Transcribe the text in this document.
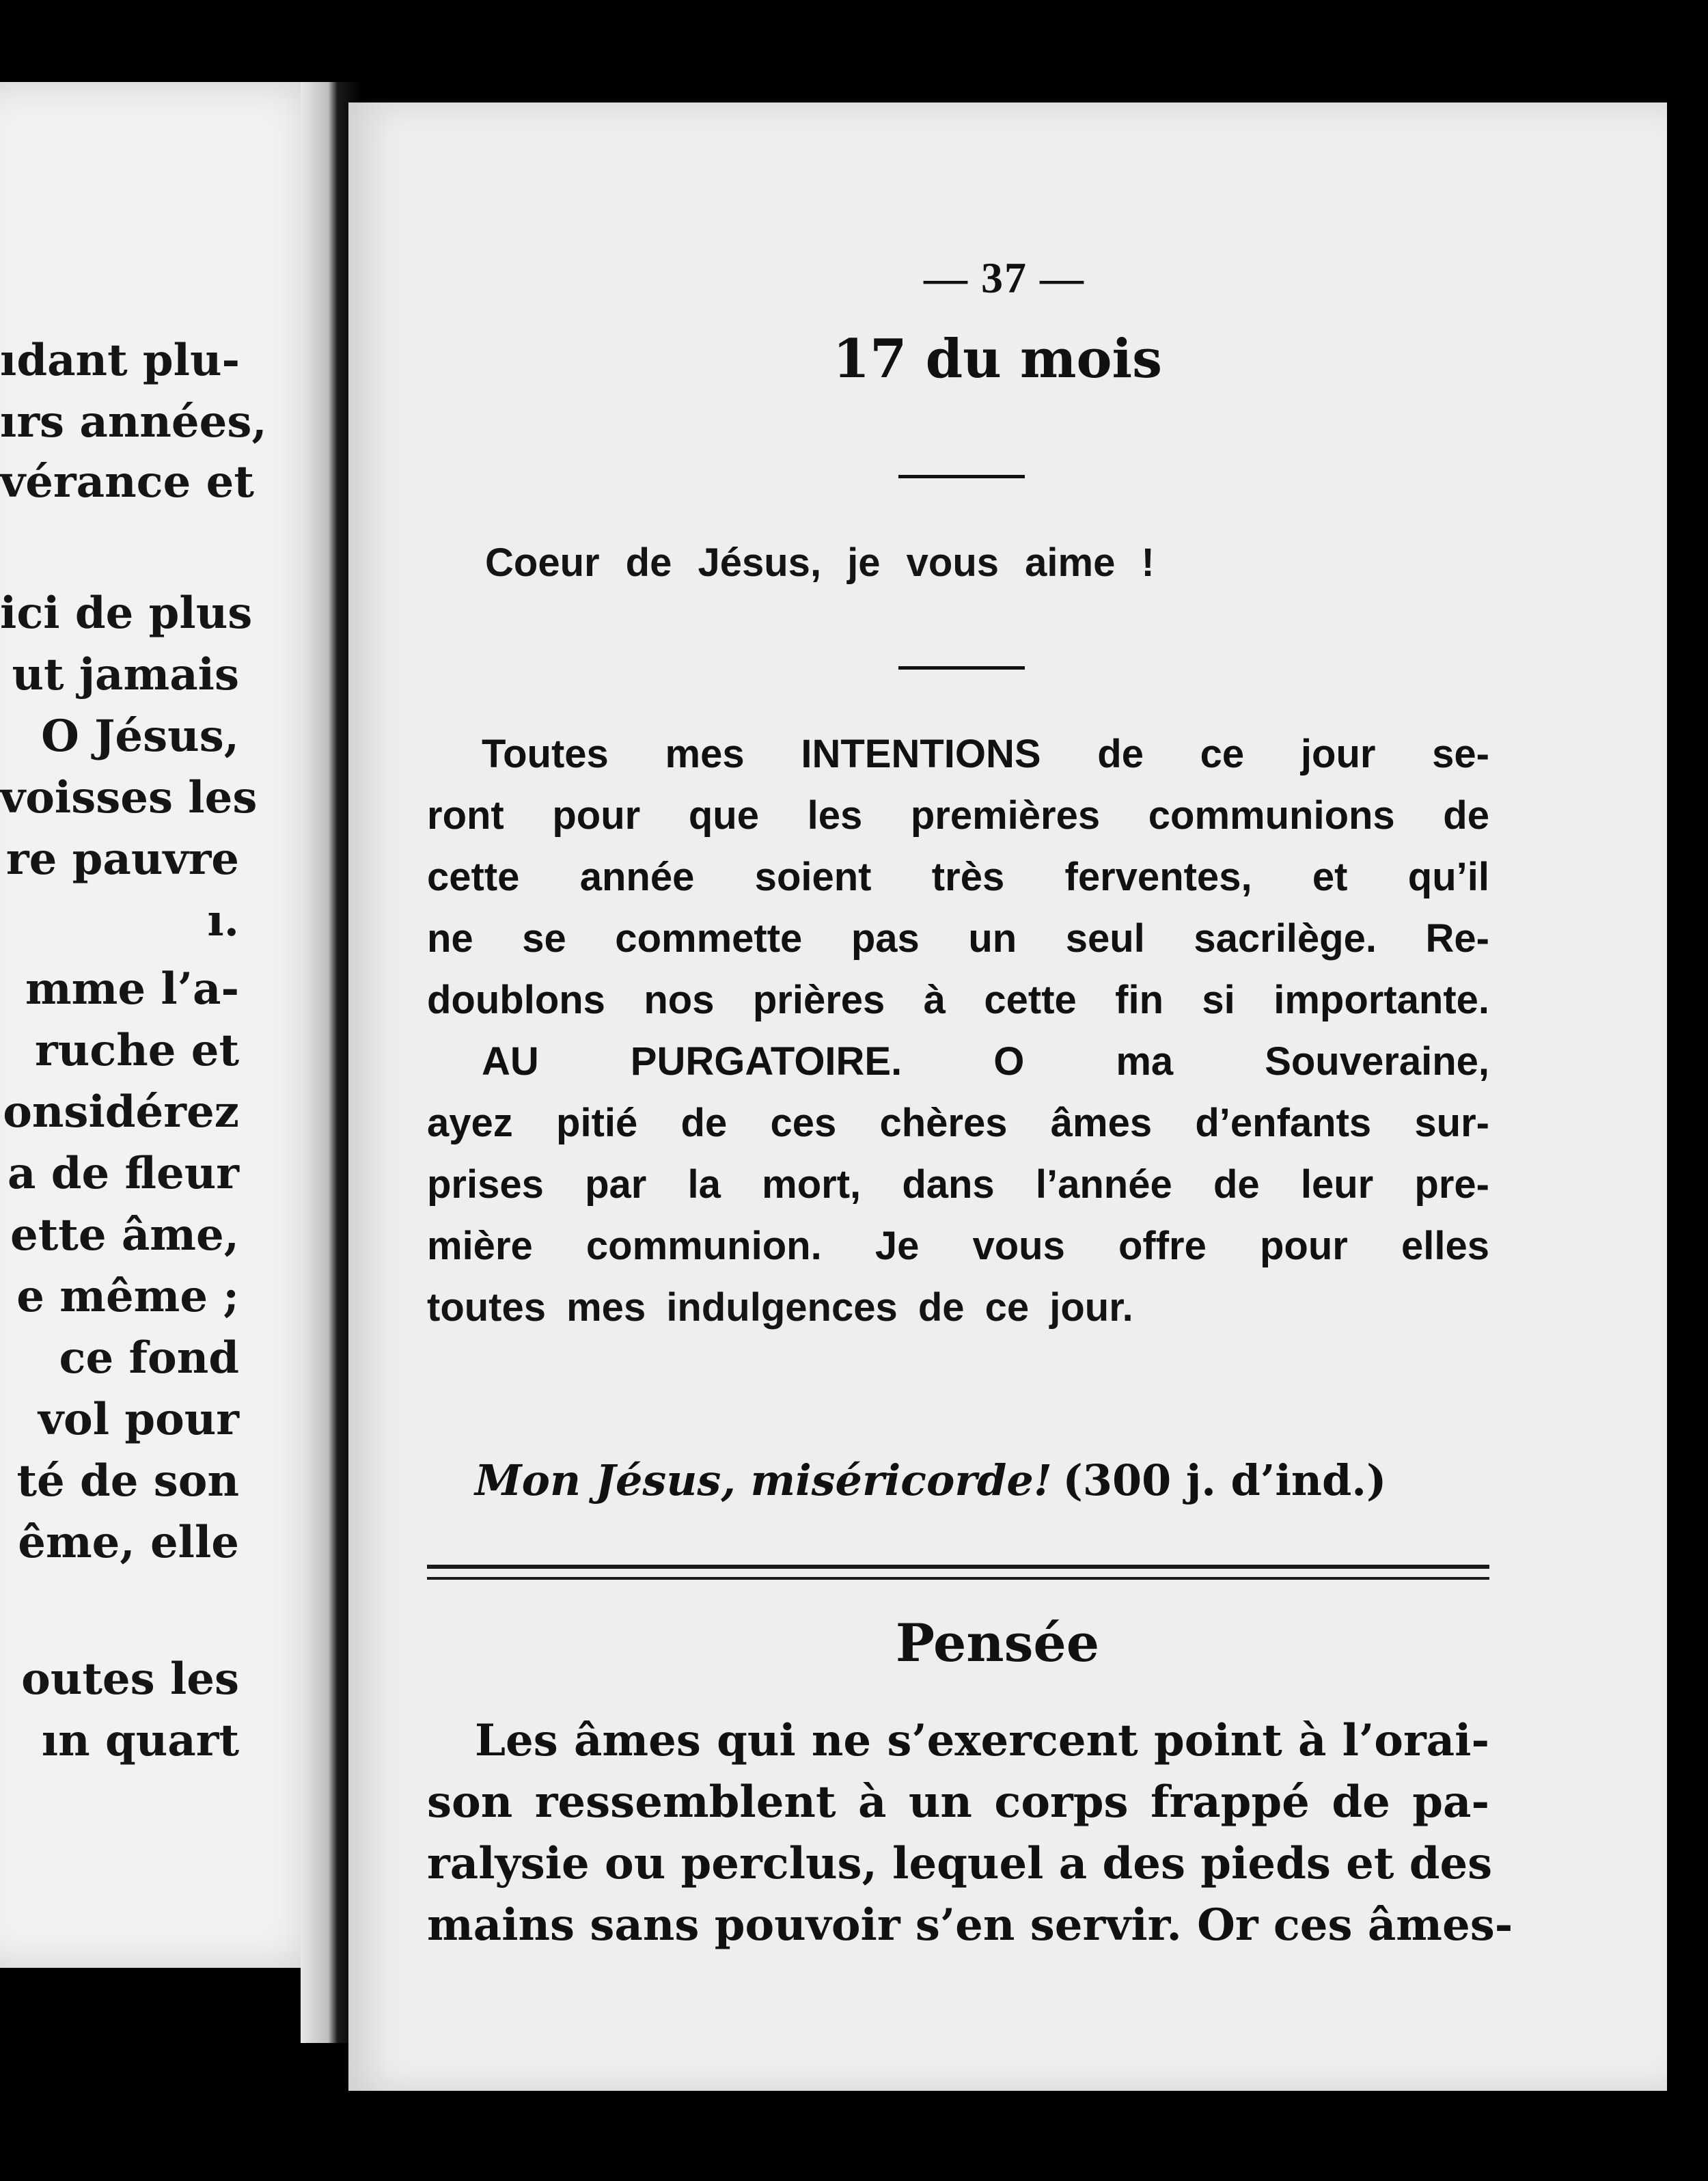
ıdant plu-
ırs années,
vérance et
ici de plus
ut jamais
O Jésus,
voisses les
re pauvre
ı.
mme l’a-
ruche et
onsidérez
a de fleur
ette âme,
e même ;
ce fond
vol pour
té de son
ême, elle
outes les
ın quart
— 37 —
17 du mois
Coeur de Jésus, je vous aime !
Toutes mes INTENTIONS de ce jour se-
ront pour que les premières communions de
cette année soient très ferventes, et qu’il
ne se commette pas un seul sacrilège. Re-
doublons nos prières à cette fin si importante.
AU PURGATOIRE. O ma Souveraine,
ayez pitié de ces chères âmes d’enfants sur-
prises par la mort, dans l’année de leur pre-
mière communion. Je vous offre pour elles
toutes mes indulgences de ce jour.
Mon Jésus, miséricorde! (300 j. d’ind.)
Pensée
Les âmes qui ne s’exercent point à l’orai-
son ressemblent à un corps frappé de pa-
ralysie ou perclus, lequel a des pieds et des
mains sans pouvoir s’en servir. Or ces âmes-
